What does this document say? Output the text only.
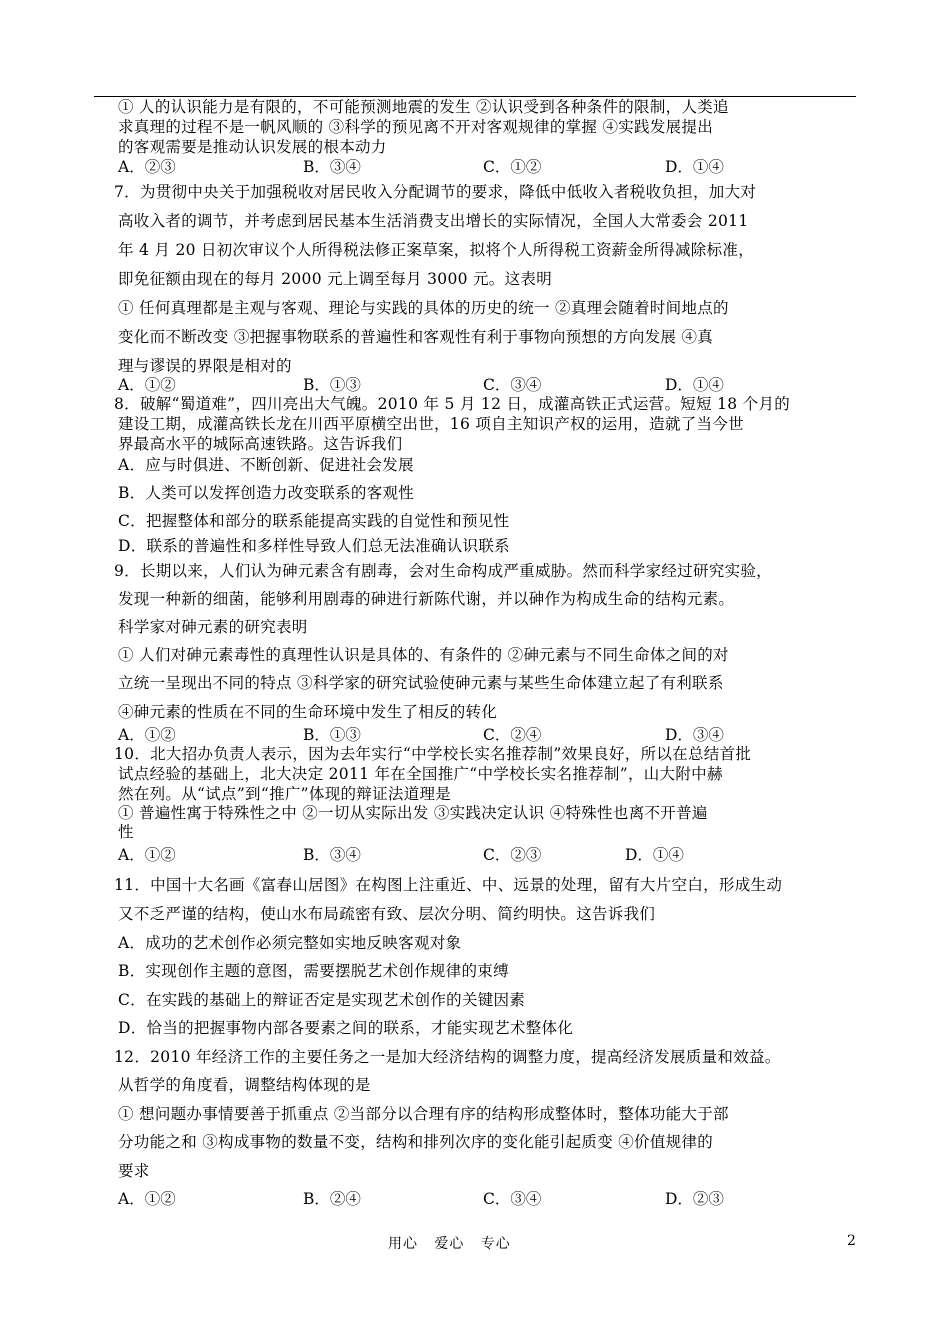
① 人的认识能力是有限的，不可能预测地震的发生 ②认识受到各种条件的限制，人类追
求真理的过程不是一帆风顺的 ③科学的预见离不开对客观规律的掌握 ④实践发展提出
的客观需要是推动认识发展的根本动力
A．②③	B．③④	C．①②	D．①④
7．为贯彻中央关于加强税收对居民收入分配调节的要求，降低中低收入者税收负担，加大对
高收入者的调节，并考虑到居民基本生活消费支出增长的实际情况，全国人大常委会 2011
年 4 月 20 日初次审议个人所得税法修正案草案，拟将个人所得税工资薪金所得减除标准，
即免征额由现在的每月 2000 元上调至每月 3000 元。这表明
① 任何真理都是主观与客观、理论与实践的具体的历史的统一 ②真理会随着时间地点的
变化而不断改变 ③把握事物联系的普遍性和客观性有利于事物向预想的方向发展 ④真
理与谬误的界限是相对的
A．①②	B．①③	C．③④	D．①④
8．破解“蜀道难”，四川亮出大气魄。2010 年 5 月 12 日，成灌高铁正式运营。短短 18 个月的
建设工期，成灌高铁长龙在川西平原横空出世，16 项自主知识产权的运用，造就了当今世
界最高水平的城际高速铁路。这告诉我们
A．应与时俱进、不断创新、促进社会发展
B．人类可以发挥创造力改变联系的客观性
C．把握整体和部分的联系能提高实践的自觉性和预见性
D．联系的普遍性和多样性导致人们总无法准确认识联系
9．长期以来，人们认为砷元素含有剧毒，会对生命构成严重威胁。然而科学家经过研究实验，
发现一种新的细菌，能够利用剧毒的砷进行新陈代谢，并以砷作为构成生命的结构元素。
科学家对砷元素的研究表明
① 人们对砷元素毒性的真理性认识是具体的、有条件的 ②砷元素与不同生命体之间的对
立统一呈现出不同的特点 ③科学家的研究试验使砷元素与某些生命体建立起了有利联系
④砷元素的性质在不同的生命环境中发生了相反的转化
A．①②	B．①③	C．②④	D．③④
10．北大招办负责人表示，因为去年实行“中学校长实名推荐制”效果良好，所以在总结首批
试点经验的基础上，北大决定 2011 年在全国推广“中学校长实名推荐制”，山大附中赫
然在列。从“试点”到“推广”体现的辩证法道理是
① 普遍性寓于特殊性之中 ②一切从实际出发 ③实践决定认识 ④特殊性也离不开普遍
性
A．①②	B．③④	C．②③	D．①④
11．中国十大名画《富春山居图》在构图上注重近、中、远景的处理，留有大片空白，形成生动
又不乏严谨的结构，使山水布局疏密有致、层次分明、简约明快。这告诉我们
A．成功的艺术创作必须完整如实地反映客观对象
B．实现创作主题的意图，需要摆脱艺术创作规律的束缚
C．在实践的基础上的辩证否定是实现艺术创作的关键因素
D．恰当的把握事物内部各要素之间的联系，才能实现艺术整体化
12．2010 年经济工作的主要任务之一是加大经济结构的调整力度，提高经济发展质量和效益。
从哲学的角度看，调整结构体现的是
① 想问题办事情要善于抓重点 ②当部分以合理有序的结构形成整体时，整体功能大于部
分功能之和 ③构成事物的数量不变，结构和排列次序的变化能引起质变 ④价值规律的
要求
A．①②	B．②④	C．③④	D．②③
用心   爱心   专心	2
